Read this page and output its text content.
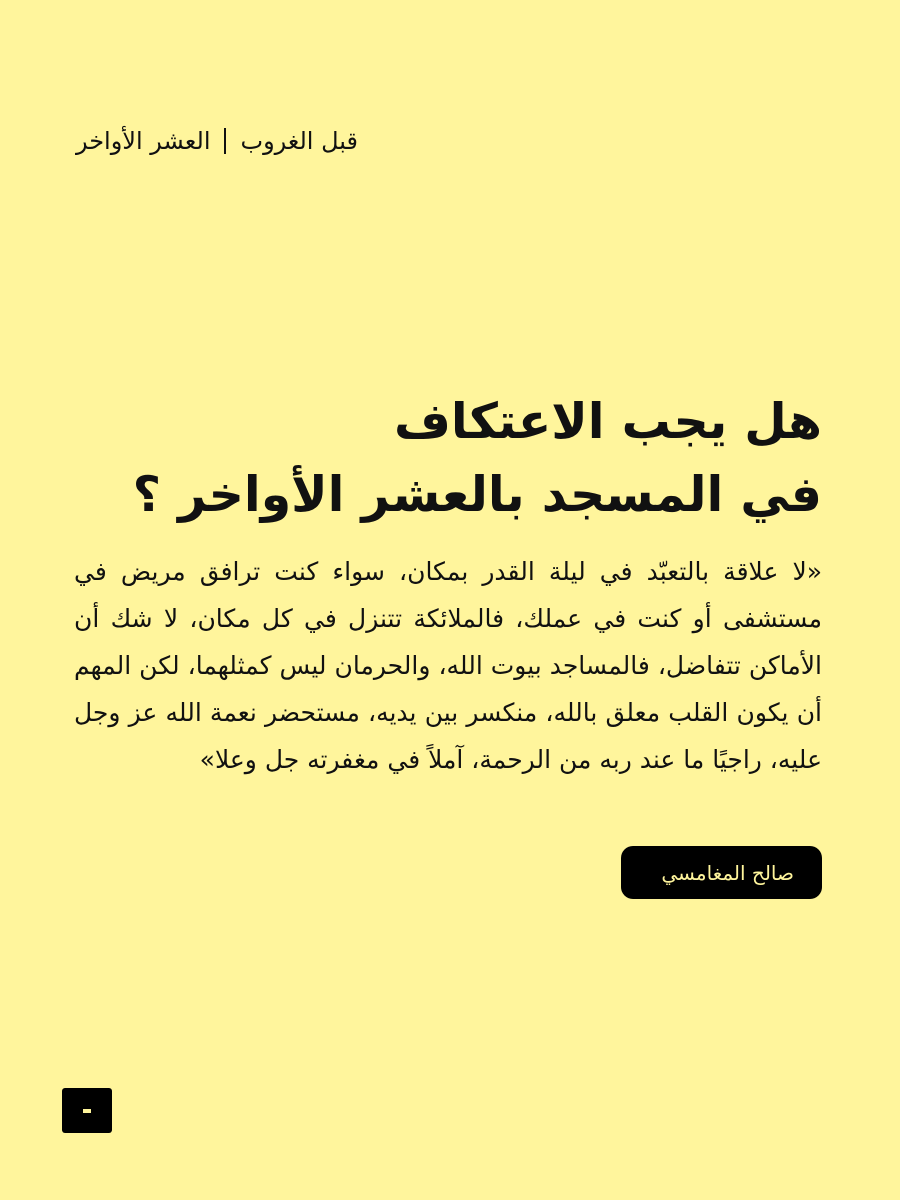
قبل الغروب
العشر الأواخر
هل يجب الاعتكاف
في المسجد بالعشر الأواخر ؟

«لا علاقة بالتعبّد في ليلة القدر بمكان، سواء كنت ترافق مريض في مستشفى أو كنت في عملك، فالملائكة تتنزل في كل مكان، لا شك أن الأماكن تتفاضل، فالمساجد بيوت الله، والحرمان ليس كمثلهما، لكن المهم أن يكون القلب معلق بالله، منكسر بين يديه، مستحضر نعمة الله عز وجل عليه، راجيًا ما عند ربه من الرحمة، آملاً في مغفرته جل وعلا»

صالح المغامسي
